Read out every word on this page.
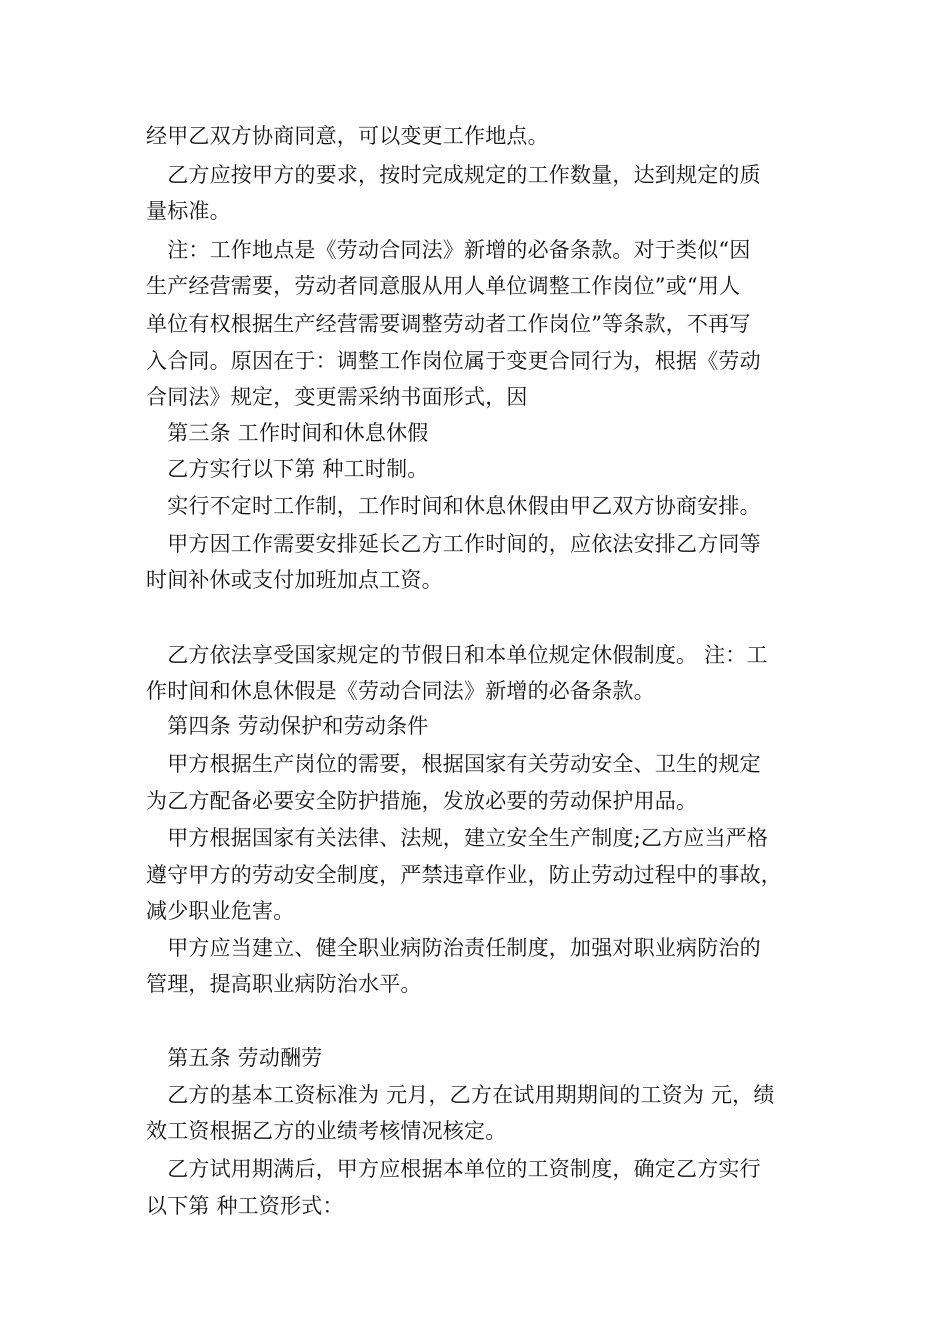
经甲乙双方协商同意，可以变更工作地点。
　乙方应按甲方的要求，按时完成规定的工作数量，达到规定的质
量标准。
　注：工作地点是《劳动合同法》新增的必备条款。对于类似“因
生产经营需要，劳动者同意服从用人单位调整工作岗位”或“用人
单位有权根据生产经营需要调整劳动者工作岗位”等条款，不再写
入合同。原因在于：调整工作岗位属于变更合同行为，根据《劳动
合同法》规定，变更需采纳书面形式，因
　第三条 工作时间和休息休假
　乙方实行以下第 种工时制。
　实行不定时工作制，工作时间和休息休假由甲乙双方协商安排。
　甲方因工作需要安排延长乙方工作时间的，应依法安排乙方同等
时间补休或支付加班加点工资。
　乙方依法享受国家规定的节假日和本单位规定休假制度。 注：工
作时间和休息休假是《劳动合同法》新增的必备条款。
　第四条 劳动保护和劳动条件
　甲方根据生产岗位的需要，根据国家有关劳动安全、卫生的规定
为乙方配备必要安全防护措施，发放必要的劳动保护用品。
　甲方根据国家有关法律、法规，建立安全生产制度;乙方应当严格
遵守甲方的劳动安全制度，严禁违章作业，防止劳动过程中的事故，
减少职业危害。
　甲方应当建立、健全职业病防治责任制度，加强对职业病防治的
管理，提高职业病防治水平。
　第五条 劳动酬劳
　乙方的基本工资标准为 元月，乙方在试用期期间的工资为 元，绩
效工资根据乙方的业绩考核情况核定。
　乙方试用期满后，甲方应根据本单位的工资制度，确定乙方实行
以下第 种工资形式：
